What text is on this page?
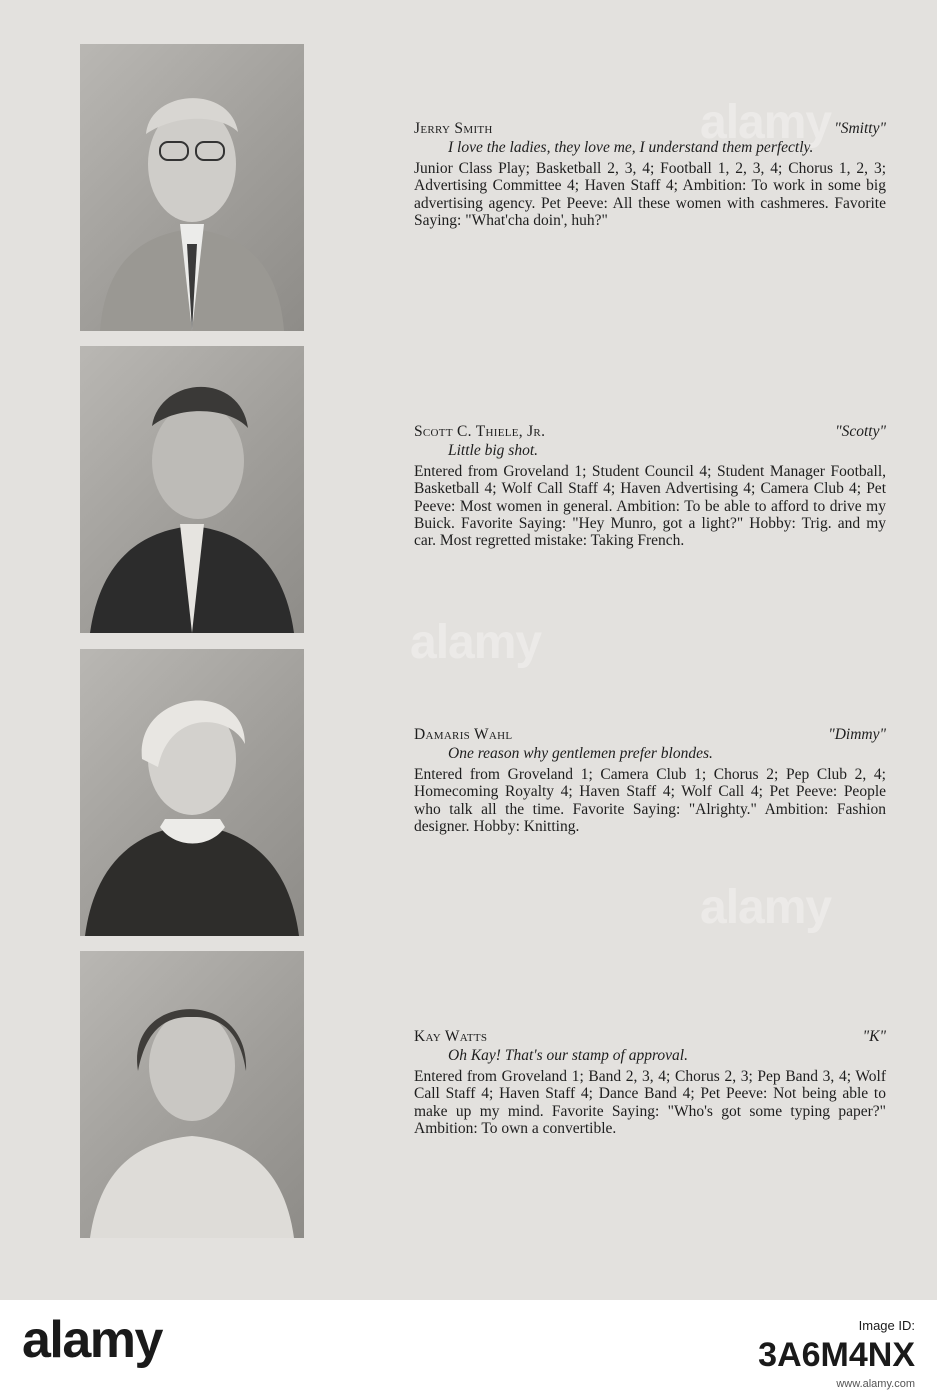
Jerry Smith	"Smitty"
I love the ladies, they love me, I understand them perfectly.
Junior Class Play; Basketball 2, 3, 4; Football 1, 2, 3, 4; Chorus 1, 2, 3; Advertising Committee 4; Haven Staff 4; Ambition: To work in some big advertising agency. Pet Peeve: All these women with cashmeres. Favorite Saying: "What'cha doin', huh?"
Scott C. Thiele, Jr.	"Scotty"
Little big shot.
Entered from Groveland 1; Student Council 4; Student Manager Football, Basketball 4; Wolf Call Staff 4; Haven Advertising 4; Camera Club 4; Pet Peeve: Most women in general. Ambition: To be able to afford to drive my Buick. Favorite Saying: "Hey Munro, got a light?" Hobby: Trig. and my car. Most regretted mistake: Taking French.
Damaris Wahl	"Dimmy"
One reason why gentlemen prefer blondes.
Entered from Groveland 1; Camera Club 1; Chorus 2; Pep Club 2, 4; Homecoming Royalty 4; Haven Staff 4; Wolf Call 4; Pet Peeve: People who talk all the time. Favorite Saying: "Alrighty." Ambition: Fashion designer. Hobby: Knitting.
Kay Watts	"K"
Oh Kay! That's our stamp of approval.
Entered from Groveland 1; Band 2, 3, 4; Chorus 2, 3; Pep Band 3, 4; Wolf Call Staff 4; Haven Staff 4; Dance Band 4; Pet Peeve: Not being able to make up my mind. Favorite Saying: "Who's got some typing paper?" Ambition: To own a convertible.
alamy
alamy
alamy
alamy	Image ID:
3A6M4NX
www.alamy.com
